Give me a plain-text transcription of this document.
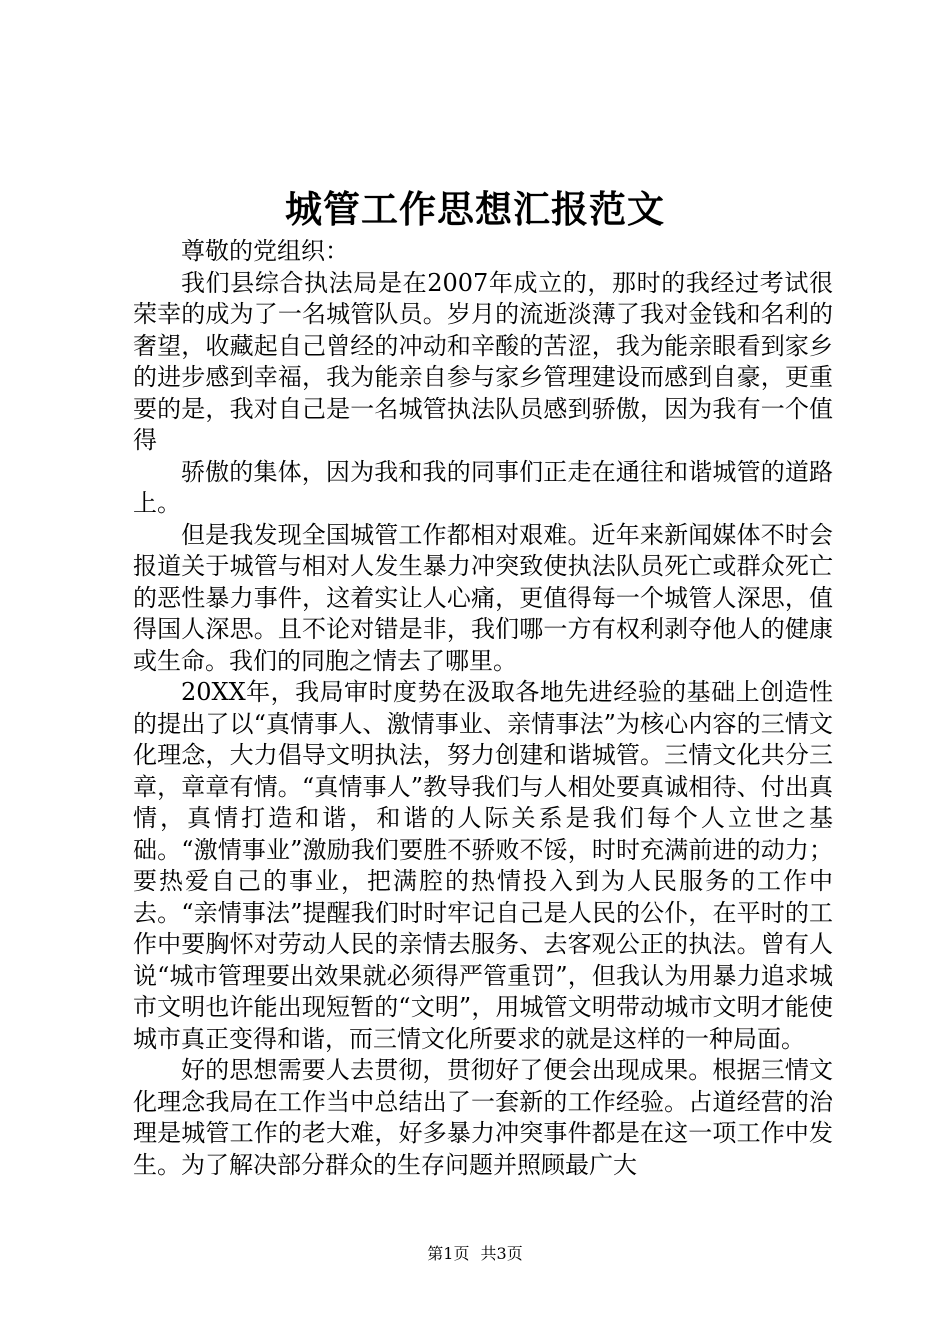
城管工作思想汇报范文

尊敬的党组织：

我们县综合执法局是在2007年成立的，那时的我经过考试很荣幸的成为了一名城管队员。岁月的流逝淡薄了我对金钱和名利的奢望，收藏起自己曾经的冲动和辛酸的苦涩，我为能亲眼看到家乡的进步感到幸福，我为能亲自参与家乡管理建设而感到自豪，更重要的是，我对自己是一名城管执法队员感到骄傲，因为我有一个值得

骄傲的集体，因为我和我的同事们正走在通往和谐城管的道路上。

但是我发现全国城管工作都相对艰难。近年来新闻媒体不时会报道关于城管与相对人发生暴力冲突致使执法队员死亡或群众死亡的恶性暴力事件，这着实让人心痛，更值得每一个城管人深思，值得国人深思。且不论对错是非，我们哪一方有权利剥夺他人的健康或生命。我们的同胞之情去了哪里。

20XX年，我局审时度势在汲取各地先进经验的基础上创造性的提出了以“真情事人、激情事业、亲情事法”为核心内容的三情文化理念，大力倡导文明执法，努力创建和谐城管。三情文化共分三章，章章有情。“真情事人”教导我们与人相处要真诚相待、付出真情，真情打造和谐，和谐的人际关系是我们每个人立世之基础。“激情事业”激励我们要胜不骄败不馁，时时充满前进的动力；要热爱自己的事业，把满腔的热情投入到为人民服务的工作中去。“亲情事法”提醒我们时时牢记自己是人民的公仆，在平时的工作中要胸怀对劳动人民的亲情去服务、去客观公正的执法。曾有人说“城市管理要出效果就必须得严管重罚”，但我认为用暴力追求城市文明也许能出现短暂的“文明”，用城管文明带动城市文明才能使城市真正变得和谐，而三情文化所要求的就是这样的一种局面。

好的思想需要人去贯彻，贯彻好了便会出现成果。根据三情文化理念我局在工作当中总结出了一套新的工作经验。占道经营的治理是城管工作的老大难，好多暴力冲突事件都是在这一项工作中发生。为了解决部分群众的生存问题并照顾最广大

第1页 共3页
